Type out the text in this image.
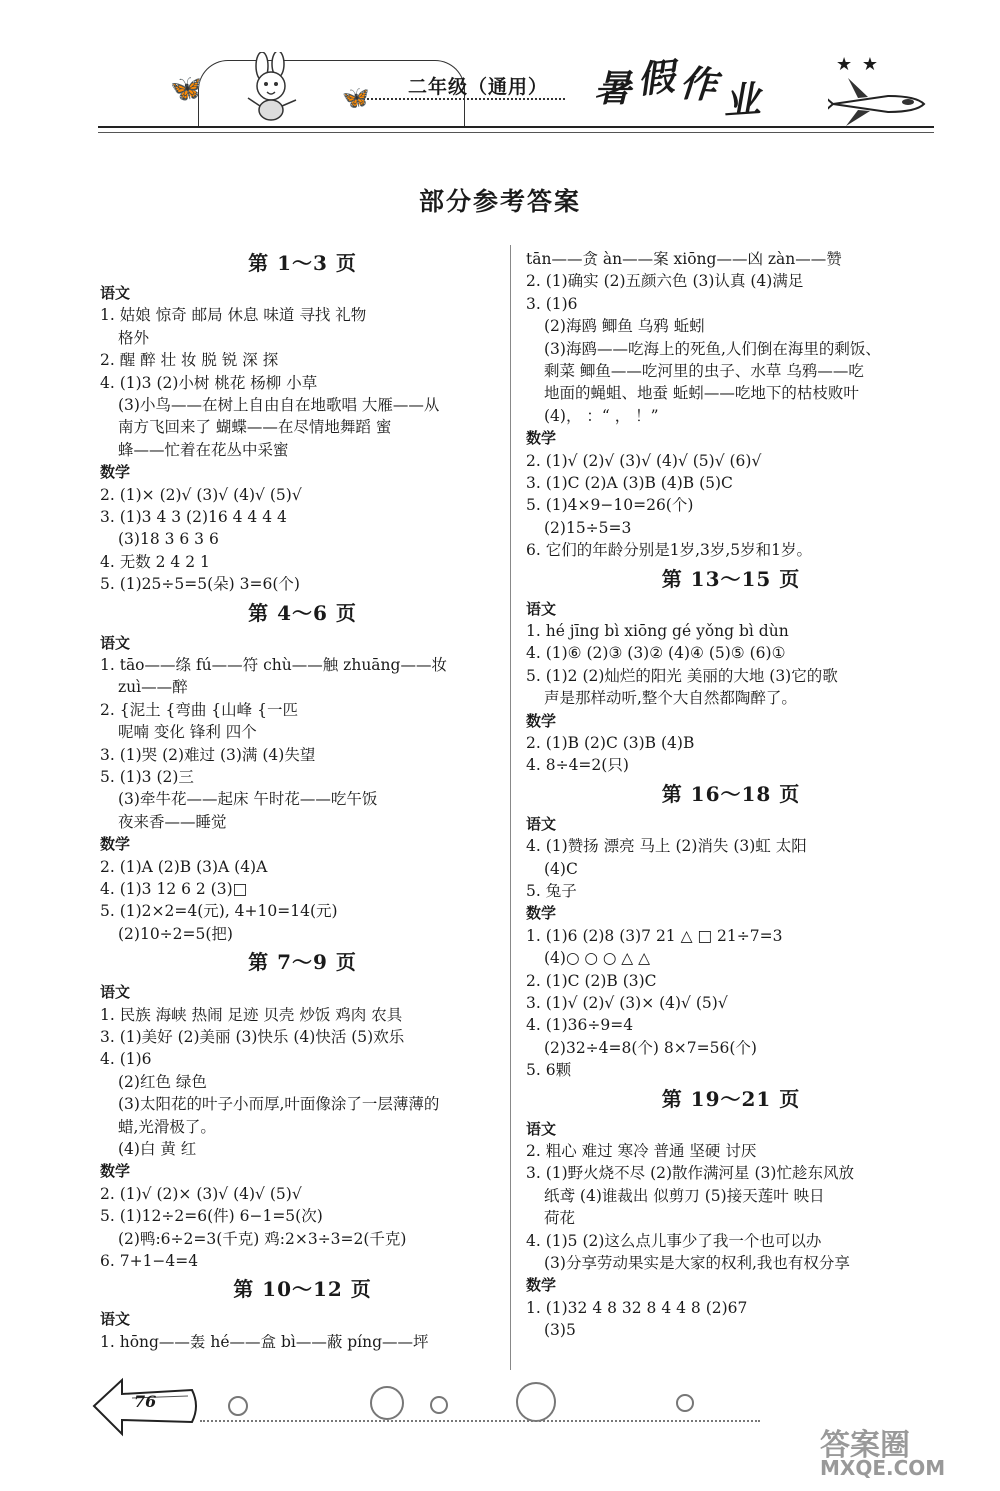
🦋	🦋 二年级（通用） 暑 假 作 业
★ ★
部分参考答案
第 1～3 页
语文
1. 姑娘 惊奇 邮局 休息 味道 寻找 礼物
格外
2. 醒 醉 壮 妆 脱 锐 深 探
4. (1)3 (2)小树 桃花 杨柳 小草
(3)小鸟——在树上自由自在地歌唱 大雁——从
南方飞回来了 蝴蝶——在尽情地舞蹈 蜜
蜂——忙着在花丛中采蜜
数学
2. (1)× (2)√ (3)√ (4)√ (5)√
3. (1)3 4 3 (2)16 4 4 4 4
(3)18 3 6 3 6
4. 无数 2 4 2 1
5. (1)25÷5=5(朵) 3=6(个)
第 4～6 页
语文
1. tāo——绦 fú——符 chù——触 zhuāng——妆
zuì——醉
2. {泥土 {弯曲 {山峰 {一匹
呢喃 变化 锋利 四个
3. (1)哭 (2)难过 (3)满 (4)失望
5. (1)3 (2)三
(3)牵牛花——起床 午时花——吃午饭
夜来香——睡觉
数学
2. (1)A (2)B (3)A (4)A
4. (1)3 12 6 2 (3)□
5. (1)2×2=4(元), 4+10=14(元)
(2)10÷2=5(把)
第 7～9 页
语文
1. 民族 海峡 热闹 足迹 贝壳 炒饭 鸡肉 农具
3. (1)美好 (2)美丽 (3)快乐 (4)快活 (5)欢乐
4. (1)6
(2)红色 绿色
(3)太阳花的叶子小而厚,叶面像涂了一层薄薄的
蜡,光滑极了。
(4)白 黄 红
数学
2. (1)√ (2)× (3)√ (4)√ (5)√
5. (1)12÷2=6(件) 6−1=5(次)
(2)鸭:6÷2=3(千克) 鸡:2×3÷3=2(千克)
6. 7+1−4=4
第 10～12 页
语文
1. hōng——轰 hé——盒 bì——蔽 píng——坪
tān——贪 àn——案 xiōng——凶 zàn——赞
2. (1)确实 (2)五颜六色 (3)认真 (4)满足
3. (1)6
(2)海鸥 鲫鱼 乌鸦 蚯蚓
(3)海鸥——吃海上的死鱼,人们倒在海里的剩饭、
剩菜 鲫鱼——吃河里的虫子、水草 乌鸦——吃
地面的蝇蛆、地蚕 蚯蚓——吃地下的枯枝败叶
(4)， ：“ ， ！”
数学
2. (1)√ (2)√ (3)√ (4)√ (5)√ (6)√
3. (1)C (2)A (3)B (4)B (5)C
5. (1)4×9−10=26(个)
(2)15÷5=3
6. 它们的年龄分别是1岁,3岁,5岁和1岁。
第 13～15 页
语文
1. hé jīng bì xiōng gé yǒng bì dùn
4. (1)⑥ (2)③ (3)② (4)④ (5)⑤ (6)①
5. (1)2 (2)灿烂的阳光 美丽的大地 (3)它的歌
声是那样动听,整个大自然都陶醉了。
数学
2. (1)B (2)C (3)B (4)B
4. 8÷4=2(只)
第 16～18 页
语文
4. (1)赞扬 漂亮 马上 (2)消失 (3)虹 太阳
(4)C
5. 兔子
数学
1. (1)6 (2)8 (3)7 21 △ □ 21÷7=3
(4)○ ○ ○ △ △
2. (1)C (2)B (3)C
3. (1)√ (2)√ (3)× (4)√ (5)√
4. (1)36÷9=4
(2)32÷4=8(个) 8×7=56(个)
5. 6颗
第 19～21 页
语文
2. 粗心 难过 寒冷 普通 坚硬 讨厌
3. (1)野火烧不尽 (2)散作满河星 (3)忙趁东风放
纸鸢 (4)谁裁出 似剪刀 (5)接天莲叶 映日
荷花
4. (1)5 (2)这么点儿事少了我一个也可以办
(3)分享劳动果实是大家的权利,我也有权分享
数学
1. (1)32 4 8 32 8 4 4 8 (2)67
(3)5
76
答案圈
MXQE.COM
